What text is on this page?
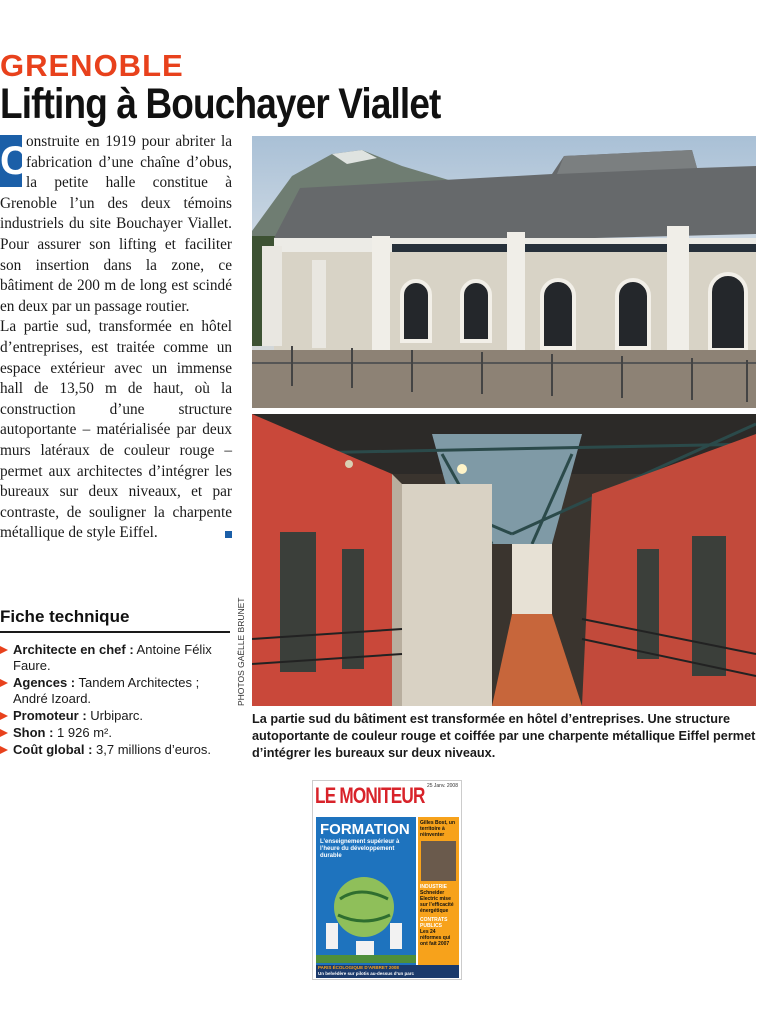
GRENOBLE
Lifting à Bouchayer Viallet

C
onstruite en 1919 pour abriter la fabrication d’une chaîne d’obus, la petite halle constitue à Grenoble l’un des deux témoins industriels du site Bouchayer Viallet. Pour assurer son lifting et faciliter son insertion dans la zone, ce bâtiment de 200 m de long est scindé en deux par un passage routier.

La partie sud, transformée en hôtel d’entreprises, est traitée comme un espace extérieur avec un immense hall de 13,50 m de haut, où la construction d’une structure autoportante – matérialisée par deux murs latéraux de couleur rouge – permet aux architectes d’intégrer les bureaux sur deux niveaux, et par contraste, de souligner la charpente métallique de style Eiffel.

Fiche technique
Architecte en chef : Antoine Félix Faure.
Agences : Tandem Architectes ; André Izoard.
Promoteur : Urbiparc.
Shon : 1 926 m².
Coût global : 3,7 millions d’euros.
PHOTOS GAËLLE BRUNET
La partie sud du bâtiment est transformée en hôtel d’entreprises. Une structure autoportante de couleur rouge et coiffée par une charpente métallique Eiffel permet d’intégrer les bureaux sur deux niveaux.
LE MONITEUR 25 Janv. 2008
FORMATION
L’enseignement supérieur à l’heure du développement durable
Gilles Bost, un territoire à réinventer
INDUSTRIE
Schneider Electric mise sur l’efficacité énergétique
CONTRATS PUBLICS
Les 24 réformes qui ont fait 2007
PARIS ÉCOLOGIQUE D’ARBRET 2008
Un belvédère sur pilotis au-dessus d’un parc
